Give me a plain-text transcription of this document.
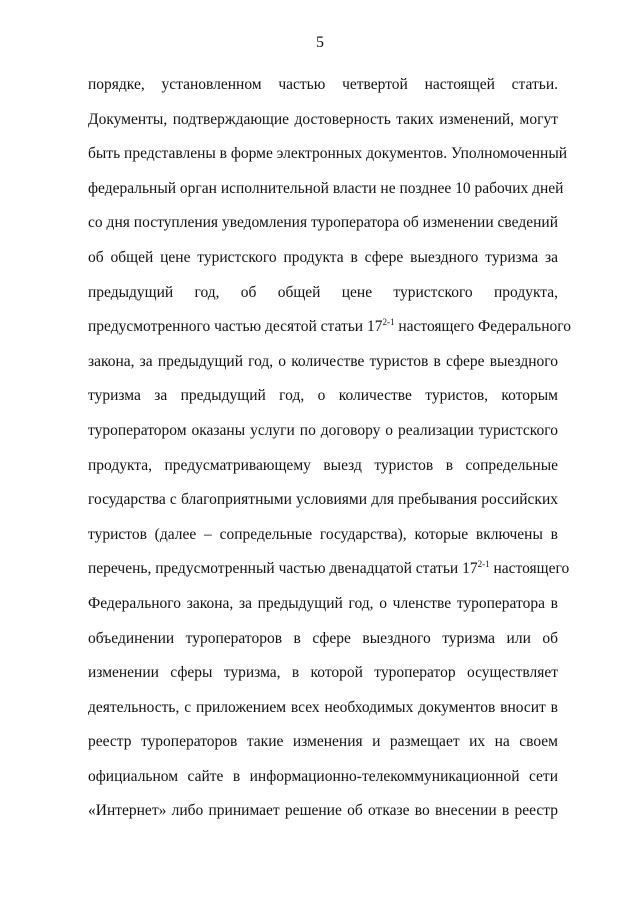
5
порядке, установленном частью четвертой настоящей статьи.
Документы, подтверждающие достоверность таких изменений, могут
быть представлены в форме электронных документов. Уполномоченный
федеральный орган исполнительной власти не позднее 10 рабочих дней
со дня поступления уведомления туроператора об изменении сведений
об общей цене туристского продукта в сфере выездного туризма за
предыдущий год, об общей цене туристского продукта,
предусмотренного частью десятой статьи 17$^{2-1}$ настоящего Федерального
закона, за предыдущий год, о количестве туристов в сфере выездного
туризма за предыдущий год, о количестве туристов, которым
туроператором оказаны услуги по договору о реализации туристского
продукта, предусматривающему выезд туристов в сопредельные
государства с благоприятными условиями для пребывания российских
туристов (далее – сопредельные государства), которые включены в
перечень, предусмотренный частью двенадцатой статьи 17$^{2-1}$ настоящего
Федерального закона, за предыдущий год, о членстве туроператора в
объединении туроператоров в сфере выездного туризма или об
изменении сферы туризма, в которой туроператор осуществляет
деятельность, с приложением всех необходимых документов вносит в
реестр туроператоров такие изменения и размещает их на своем
официальном сайте в информационно-телекоммуникационной сети
«Интернет» либо принимает решение об отказе во внесении в реестр
